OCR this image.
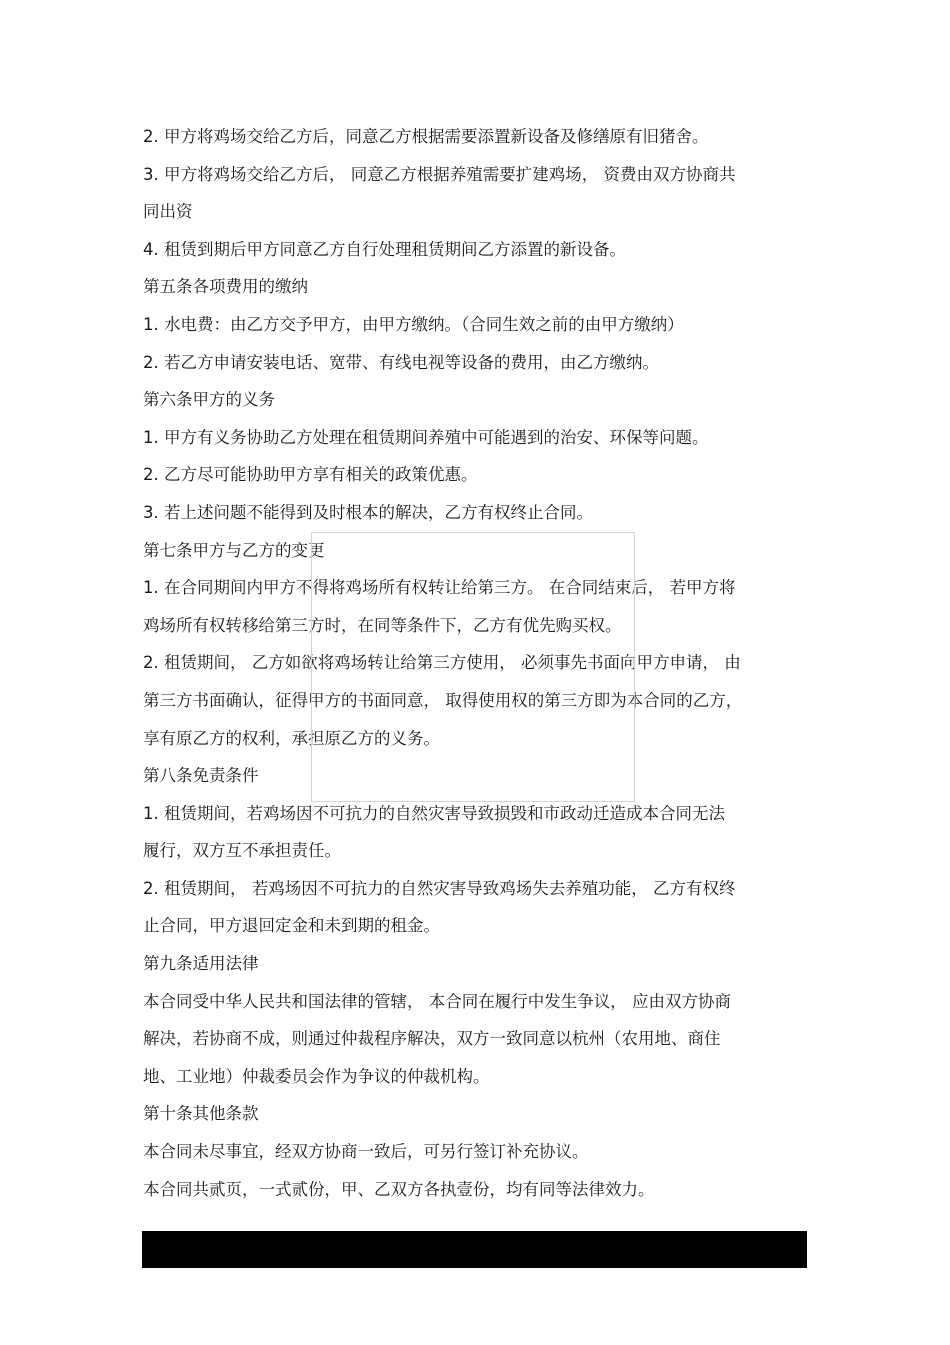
2. 甲方将鸡场交给乙方后，同意乙方根据需要添置新设备及修缮原有旧猪舍。
3. 甲方将鸡场交给乙方后， 同意乙方根据养殖需要扩建鸡场， 资费由双方协商共
同出资
4. 租赁到期后甲方同意乙方自行处理租赁期间乙方添置的新设备。
第五条各项费用的缴纳
1. 水电费：由乙方交予甲方，由甲方缴纳。（合同生效之前的由甲方缴纳）
2. 若乙方申请安装电话、宽带、有线电视等设备的费用，由乙方缴纳。
第六条甲方的义务
1. 甲方有义务协助乙方处理在租赁期间养殖中可能遇到的治安、环保等问题。
2. 乙方尽可能协助甲方享有相关的政策优惠。
3. 若上述问题不能得到及时根本的解决，乙方有权终止合同。
第七条甲方与乙方的变更
1. 在合同期间内甲方不得将鸡场所有权转让给第三方。 在合同结束后， 若甲方将
鸡场所有权转移给第三方时，在同等条件下，乙方有优先购买权。
2. 租赁期间， 乙方如欲将鸡场转让给第三方使用， 必须事先书面向甲方申请， 由
第三方书面确认，征得甲方的书面同意， 取得使用权的第三方即为本合同的乙方，
享有原乙方的权利，承担原乙方的义务。
第八条免责条件
1. 租赁期间，若鸡场因不可抗力的自然灾害导致损毁和市政动迁造成本合同无法
履行，双方互不承担责任。
2. 租赁期间， 若鸡场因不可抗力的自然灾害导致鸡场失去养殖功能， 乙方有权终
止合同，甲方退回定金和未到期的租金。
第九条适用法律
本合同受中华人民共和国法律的管辖， 本合同在履行中发生争议， 应由双方协商
解决，若协商不成，则通过仲裁程序解决，双方一致同意以杭州（农用地、商住
地、工业地）仲裁委员会作为争议的仲裁机构。
第十条其他条款
本合同未尽事宜，经双方协商一致后，可另行签订补充协议。
本合同共贰页，一式贰份，甲、乙双方各执壹份，均有同等法律效力。
